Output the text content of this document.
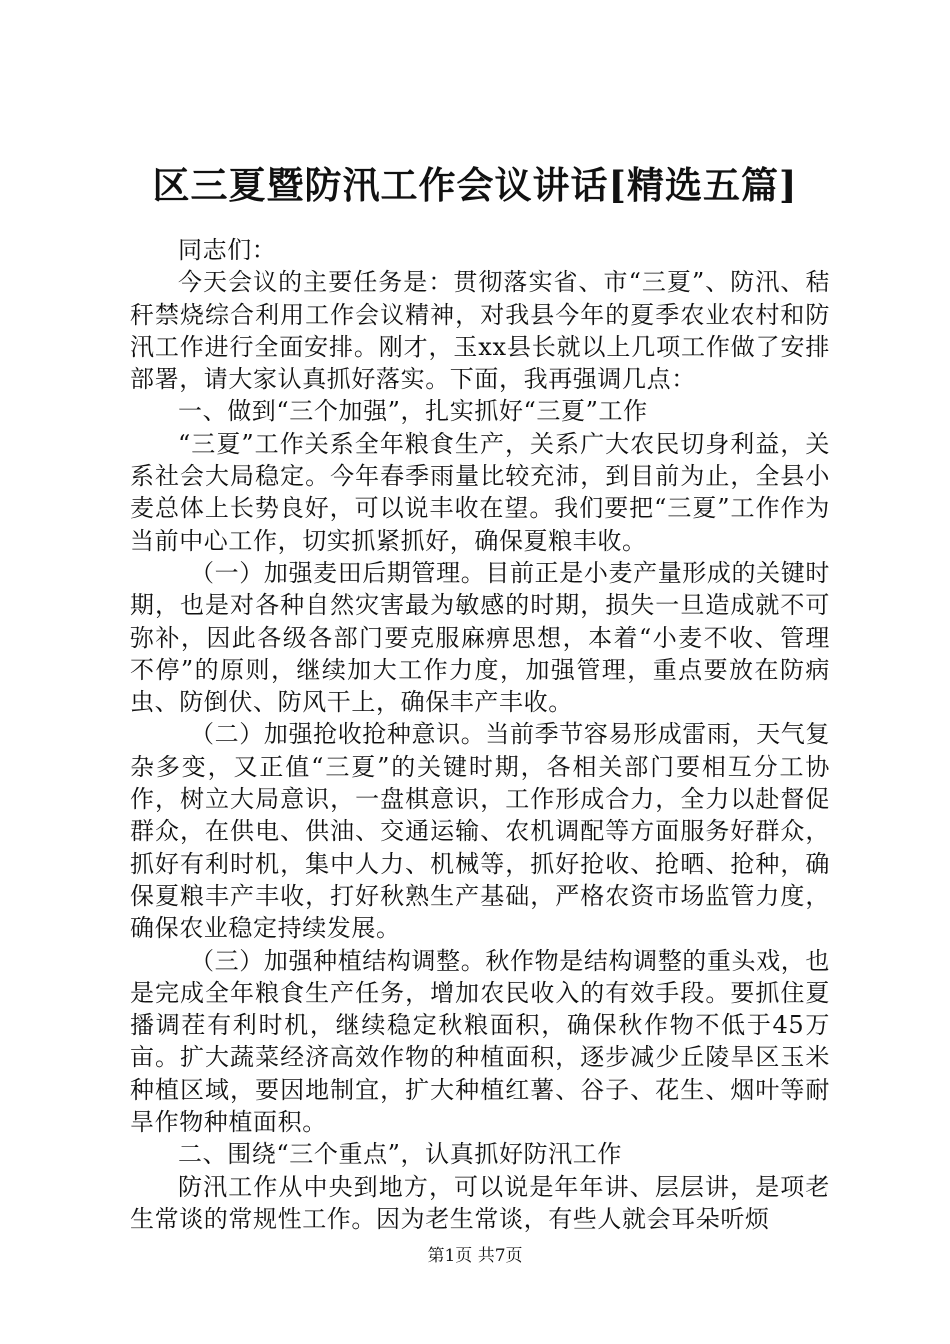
区三夏暨防汛工作会议讲话[精选五篇]

同志们：

今天会议的主要任务是：贯彻落实省、市“三夏”、防汛、秸秆禁烧综合利用工作会议精神，对我县今年的夏季农业农村和防汛工作进行全面安排。刚才，玉xx县长就以上几项工作做了安排部署，请大家认真抓好落实。下面，我再强调几点：

一、做到“三个加强”，扎实抓好“三夏”工作

“三夏”工作关系全年粮食生产，关系广大农民切身利益，关系社会大局稳定。今年春季雨量比较充沛，到目前为止，全县小麦总体上长势良好，可以说丰收在望。我们要把“三夏”工作作为当前中心工作，切实抓紧抓好，确保夏粮丰收。

（一）加强麦田后期管理。目前正是小麦产量形成的关键时期，也是对各种自然灾害最为敏感的时期，损失一旦造成就不可弥补，因此各级各部门要克服麻痹思想，本着“小麦不收、管理不停”的原则，继续加大工作力度，加强管理，重点要放在防病虫、防倒伏、防风干上，确保丰产丰收。

（二）加强抢收抢种意识。当前季节容易形成雷雨，天气复杂多变，又正值“三夏”的关键时期，各相关部门要相互分工协作，树立大局意识，一盘棋意识，工作形成合力，全力以赴督促群众，在供电、供油、交通运输、农机调配等方面服务好群众，抓好有利时机，集中人力、机械等，抓好抢收、抢晒、抢种，确保夏粮丰产丰收，打好秋熟生产基础，严格农资市场监管力度，确保农业稳定持续发展。

（三）加强种植结构调整。秋作物是结构调整的重头戏，也是完成全年粮食生产任务，增加农民收入的有效手段。要抓住夏播调茬有利时机，继续稳定秋粮面积，确保秋作物不低于45万亩。扩大蔬菜经济高效作物的种植面积，逐步减少丘陵旱区玉米种植区域，要因地制宜，扩大种植红薯、谷子、花生、烟叶等耐旱作物种植面积。

二、围绕“三个重点”，认真抓好防汛工作

防汛工作从中央到地方，可以说是年年讲、层层讲，是项老生常谈的常规性工作。因为老生常谈，有些人就会耳朵听烦

第1页 共7页
